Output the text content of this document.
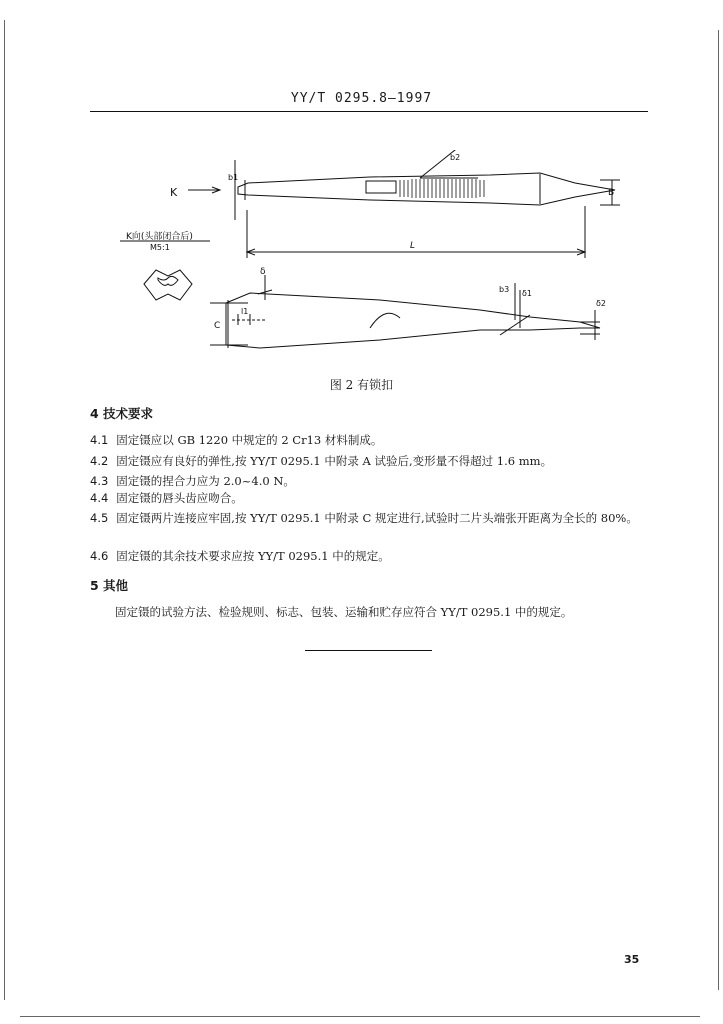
YY/T 0295.8—1997
K
b1
b2
B
L
K向(头部闭合后)
M5:1
C
l1
δ
b3 δ1
δ2
图 2 有锁扣
4 技术要求
4.1 固定镊应以 GB 1220 中规定的 2 Cr13 材料制成。
4.2 固定镊应有良好的弹性,按 YY/T 0295.1 中附录 A 试验后,变形量不得超过 1.6 mm。
4.3 固定镊的捏合力应为 2.0~4.0 N。
4.4 固定镊的唇头齿应吻合。
4.5 固定镊两片连接应牢固,按 YY/T 0295.1 中附录 C 规定进行,试验时二片头端张开距离为全长的 80%。
4.6 固定镊的其余技术要求应按 YY/T 0295.1 中的规定。
5 其他
固定镊的试验方法、检验规则、标志、包装、运输和贮存应符合 YY/T 0295.1 中的规定。
35
